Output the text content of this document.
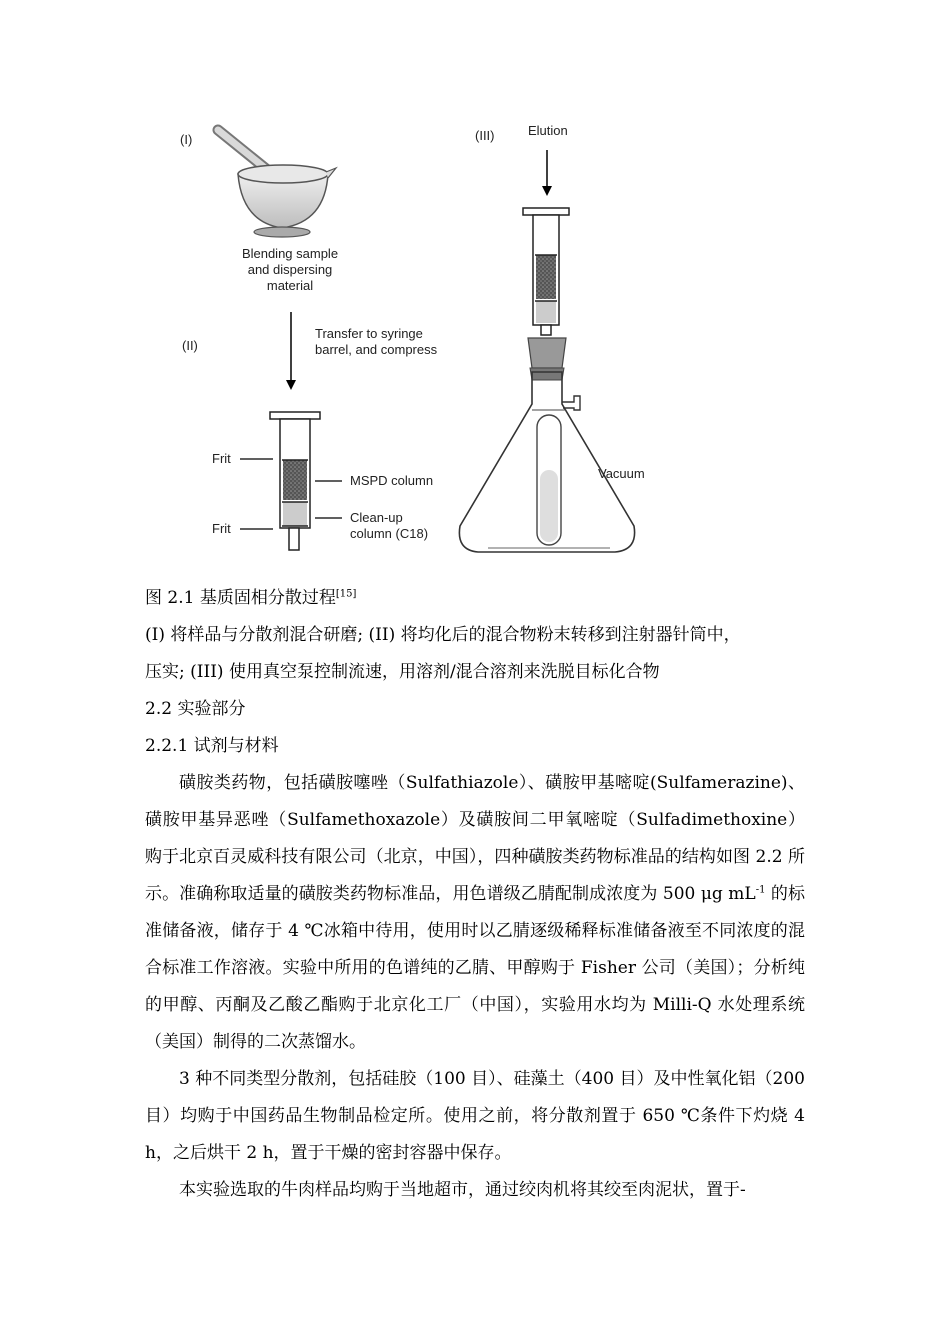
(I)
Blending sample
and dispersing
material
(II)
Transfer to syringe
barrel, and compress
Frit
Frit
MSPD column
Clean-up
column (C18)
(III)	Elution
Vacuum
图 2.1 基质固相分散过程[15]
(I) 将样品与分散剂混合研磨; (II) 将均化后的混合物粉末转移到注射器针筒中，
压实; (III) 使用真空泵控制流速，用溶剂/混合溶剂来洗脱目标化合物
2.2 实验部分
2.2.1 试剂与材料

磺胺类药物，包括磺胺噻唑（Sulfathiazole）、磺胺甲基嘧啶(Sulfamerazine)、磺胺甲基异恶唑（Sulfamethoxazole）及磺胺间二甲氧嘧啶（Sulfadimethoxine）购于北京百灵威科技有限公司（北京，中国），四种磺胺类药物标准品的结构如图 2.2 所示。准确称取适量的磺胺类药物标准品，用色谱级乙腈配制成浓度为 500 μg $mL^{-1}$ 的标准储备液，储存于 4 ℃冰箱中待用，使用时以乙腈逐级稀释标准储备液至不同浓度的混合标准工作溶液。实验中所用的色谱纯的乙腈、甲醇购于 Fisher 公司（美国）；分析纯的甲醇、丙酮及乙酸乙酯购于北京化工厂（中国），实验用水均为 Milli-Q 水处理系统（美国）制得的二次蒸馏水。

3 种不同类型分散剂，包括硅胶（100 目）、硅藻土（400 目）及中性氧化铝（200 目）均购于中国药品生物制品检定所。使用之前，将分散剂置于 650 ℃条件下灼烧 4 h，之后烘干 2 h，置于干燥的密封容器中保存。

本实验选取的牛肉样品均购于当地超市，通过绞肉机将其绞至肉泥状，置于-
